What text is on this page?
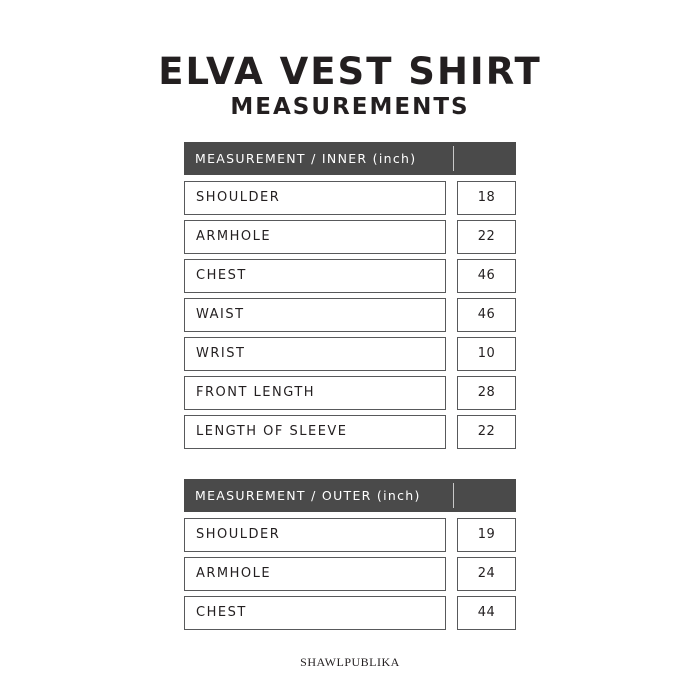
ELVA VEST SHIRT
MEASUREMENTS
MEASUREMENT / INNER (inch)
SHOULDER	18
ARMHOLE	22
CHEST	46
WAIST	46
WRIST	10
FRONT LENGTH	28
LENGTH OF SLEEVE	22
MEASUREMENT / OUTER (inch)
SHOULDER	19
ARMHOLE	24
CHEST	44
SHAWLPUBLIKA
